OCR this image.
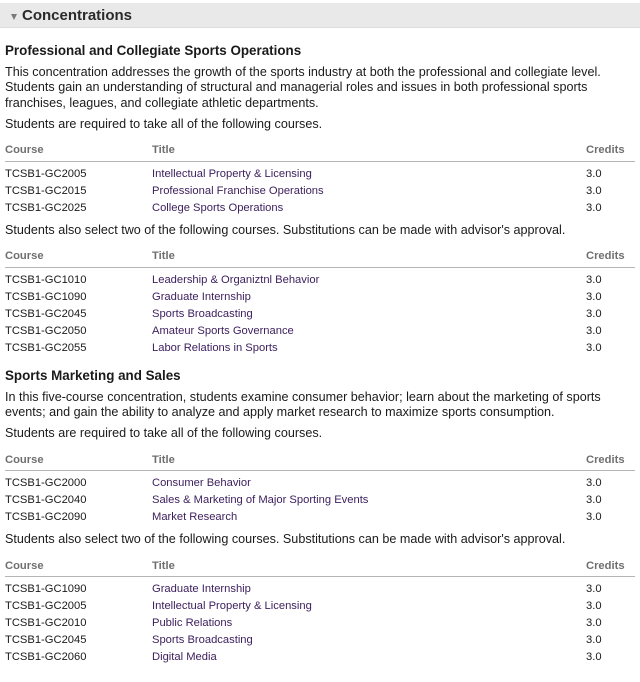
Concentrations
Professional and Collegiate Sports Operations

This concentration addresses the growth of the sports industry at both the professional and collegiate level. Students gain an understanding of structural and managerial roles and issues in both professional sports franchises, leagues, and collegiate athletic departments.

Students are required to take all of the following courses.

Course	Title	Credits

TCSB1-GC2005	Intellectual Property & Licensing	3.0
TCSB1-GC2015	Professional Franchise Operations	3.0
TCSB1-GC2025	College Sports Operations	3.0

Students also select two of the following courses. Substitutions can be made with advisor's approval.

Course	Title	Credits

TCSB1-GC1010	Leadership & Organiztnl Behavior	3.0
TCSB1-GC1090	Graduate Internship	3.0
TCSB1-GC2045	Sports Broadcasting	3.0
TCSB1-GC2050	Amateur Sports Governance	3.0
TCSB1-GC2055	Labor Relations in Sports	3.0
Sports Marketing and Sales

In this five-course concentration, students examine consumer behavior; learn about the marketing of sports events; and gain the ability to analyze and apply market research to maximize sports consumption.

Students are required to take all of the following courses.

Course	Title	Credits

TCSB1-GC2000	Consumer Behavior	3.0
TCSB1-GC2040	Sales & Marketing of Major Sporting Events	3.0
TCSB1-GC2090	Market Research	3.0

Students also select two of the following courses. Substitutions can be made with advisor's approval.

Course	Title	Credits

TCSB1-GC1090	Graduate Internship	3.0
TCSB1-GC2005	Intellectual Property & Licensing	3.0
TCSB1-GC2010	Public Relations	3.0
TCSB1-GC2045	Sports Broadcasting	3.0
TCSB1-GC2060	Digital Media	3.0
